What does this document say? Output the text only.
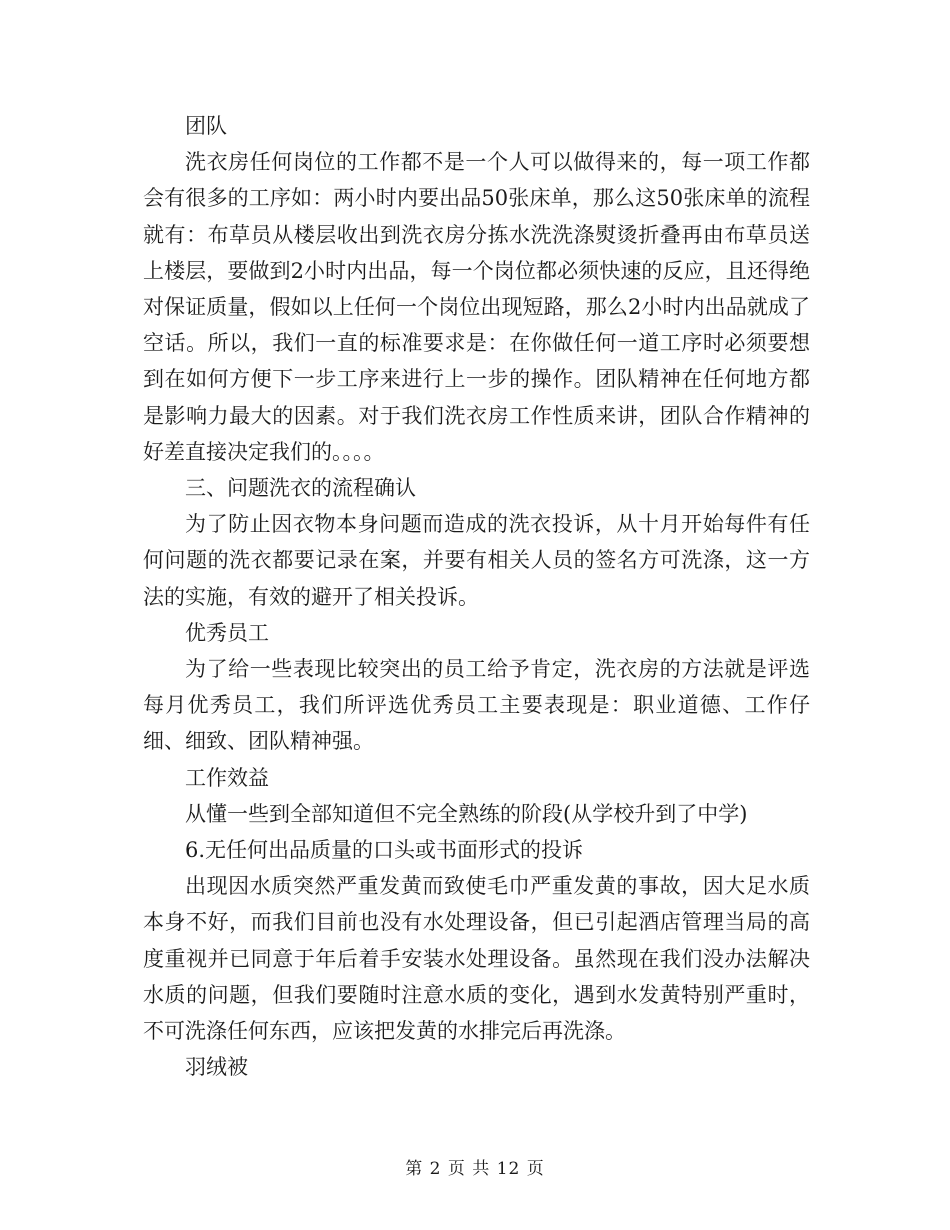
团队

洗衣房任何岗位的工作都不是一个人可以做得来的，每一项工作都会有很多的工序如：两小时内要出品50张床单，那么这50张床单的流程就有：布草员从楼层收出到洗衣房分拣水洗洗涤熨烫折叠再由布草员送上楼层，要做到2小时内出品，每一个岗位都必须快速的反应，且还得绝对保证质量，假如以上任何一个岗位出现短路，那么2小时内出品就成了空话。所以，我们一直的标准要求是：在你做任何一道工序时必须要想到在如何方便下一步工序来进行上一步的操作。团队精神在任何地方都是影响力最大的因素。对于我们洗衣房工作性质来讲，团队合作精神的好差直接决定我们的。。。。

三、问题洗衣的流程确认

为了防止因衣物本身问题而造成的洗衣投诉，从十月开始每件有任何问题的洗衣都要记录在案，并要有相关人员的签名方可洗涤，这一方法的实施，有效的避开了相关投诉。

优秀员工

为了给一些表现比较突出的员工给予肯定，洗衣房的方法就是评选每月优秀员工，我们所评选优秀员工主要表现是：职业道德、工作仔细、细致、团队精神强。

工作效益

从懂一些到全部知道但不完全熟练的阶段(从学校升到了中学)

6.无任何出品质量的口头或书面形式的投诉

出现因水质突然严重发黄而致使毛巾严重发黄的事故，因大足水质本身不好，而我们目前也没有水处理设备，但已引起酒店管理当局的高度重视并已同意于年后着手安装水处理设备。虽然现在我们没办法解决水质的问题，但我们要随时注意水质的变化，遇到水发黄特别严重时，不可洗涤任何东西，应该把发黄的水排完后再洗涤。

羽绒被

第 2 页 共 12 页
